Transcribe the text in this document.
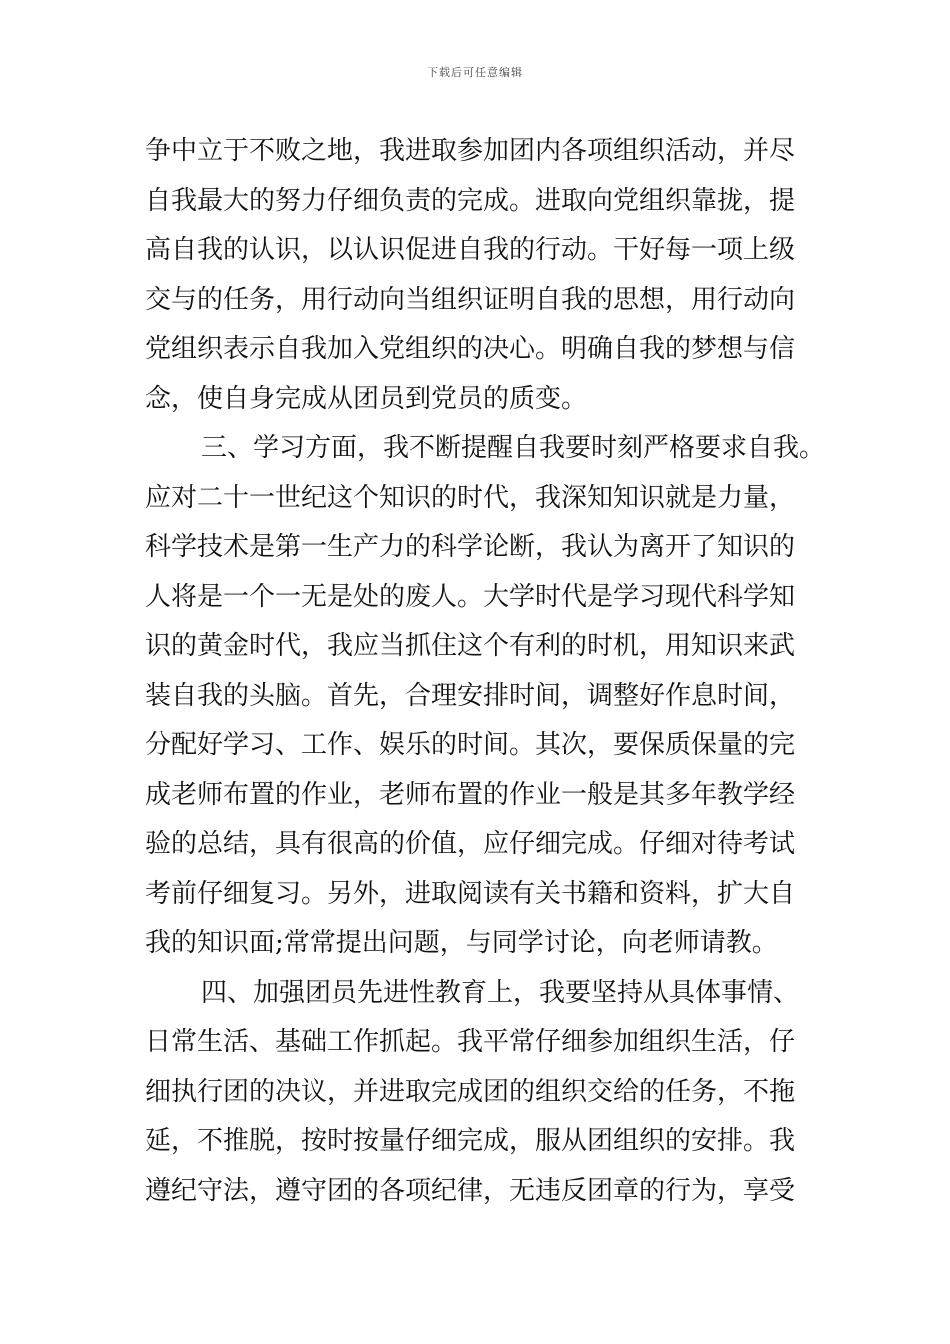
下载后可任意编辑
争中立于不败之地，我进取参加团内各项组织活动，并尽
自我最大的努力仔细负责的完成。进取向党组织靠拢，提
高自我的认识，以认识促进自我的行动。干好每一项上级
交与的任务，用行动向当组织证明自我的思想，用行动向
党组织表示自我加入党组织的决心。明确自我的梦想与信
念，使自身完成从团员到党员的质变。
三、学习方面，我不断提醒自我要时刻严格要求自我。
应对二十一世纪这个知识的时代，我深知知识就是力量，
科学技术是第一生产力的科学论断，我认为离开了知识的
人将是一个一无是处的废人。大学时代是学习现代科学知
识的黄金时代，我应当抓住这个有利的时机，用知识来武
装自我的头脑。首先，合理安排时间，调整好作息时间，
分配好学习、工作、娱乐的时间。其次，要保质保量的完
成老师布置的作业，老师布置的作业一般是其多年教学经
验的总结，具有很高的价值，应仔细完成。仔细对待考试
考前仔细复习。另外，进取阅读有关书籍和资料，扩大自
我的知识面;常常提出问题，与同学讨论，向老师请教。
四、加强团员先进性教育上，我要坚持从具体事情、
日常生活、基础工作抓起。我平常仔细参加组织生活，仔
细执行团的决议，并进取完成团的组织交给的任务，不拖
延，不推脱，按时按量仔细完成，服从团组织的安排。我
遵纪守法，遵守团的各项纪律，无违反团章的行为，享受
